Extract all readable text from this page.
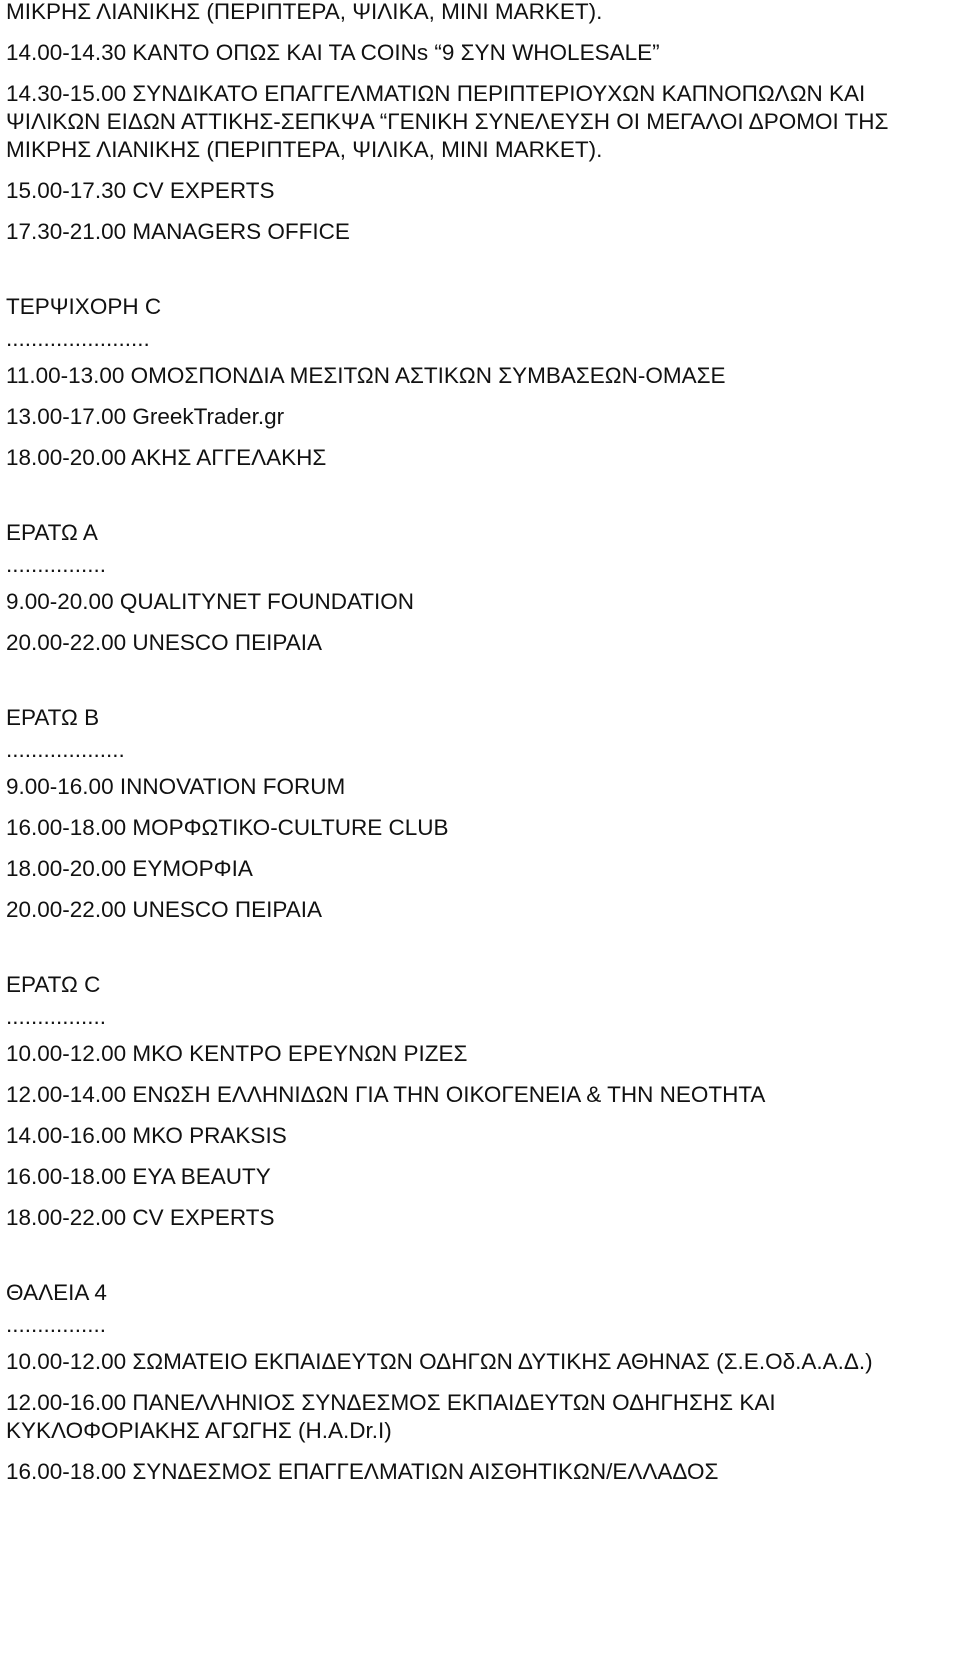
ΜΙΚΡΗΣ ΛΙΑΝΙΚΗΣ (ΠΕΡΙΠΤΕΡΑ, ΨΙΛΙΚΑ, MINI MARKET).

14.00-14.30 ΚΑΝΤΟ ΟΠΩΣ ΚΑΙ ΤΑ COINs “9 ΣΥΝ WHOLESALE”

14.30-15.00 ΣΥΝΔΙΚΑΤΟ ΕΠΑΓΓΕΛΜΑΤΙΩΝ ΠΕΡΙΠΤΕΡΙΟΥΧΩΝ ΚΑΠΝΟΠΩΛΩΝ ΚΑΙ ΨΙΛΙΚΩΝ ΕΙΔΩΝ ΑΤΤΙΚΗΣ-ΣΕΠΚΨΑ “ΓΕΝΙΚΗ ΣΥΝΕΛΕΥΣΗ ΟΙ ΜΕΓΑΛΟΙ ΔΡΟΜΟΙ ΤΗΣ ΜΙΚΡΗΣ ΛΙΑΝΙΚΗΣ (ΠΕΡΙΠΤΕΡΑ, ΨΙΛΙΚΑ, MINI MARKET).

15.00-17.30 CV EXPERTS

17.30-21.00 MANAGERS OFFICE

ΤΕΡΨΙΧΟΡΗ C

.......................

11.00-13.00 ΟΜΟΣΠΟΝΔΙΑ ΜΕΣΙΤΩΝ ΑΣΤΙΚΩΝ ΣΥΜΒΑΣΕΩΝ-ΟΜΑΣΕ

13.00-17.00 GreekTrader.gr

18.00-20.00 ΑΚΗΣ ΑΓΓΕΛΑΚΗΣ

ΕΡΑΤΩ Α

................

9.00-20.00 QUALITYNET FOUNDATION

20.00-22.00 UNESCO ΠΕΙΡΑΙΑ

ΕΡΑΤΩ Β

...................

9.00-16.00 INNOVATION FORUM

16.00-18.00 ΜΟΡΦΩΤΙΚΟ-CULTURE CLUB

18.00-20.00 ΕΥΜΟΡΦΙΑ

20.00-22.00 UNESCO ΠΕΙΡΑΙΑ

ΕΡΑΤΩ C

................

10.00-12.00 ΜΚΟ ΚΕΝΤΡΟ ΕΡΕΥΝΩΝ ΡΙΖΕΣ

12.00-14.00 ΕΝΩΣΗ ΕΛΛΗΝΙΔΩΝ ΓΙΑ ΤΗΝ ΟΙΚΟΓΕΝΕΙΑ & ΤΗΝ ΝΕΟΤΗΤΑ

14.00-16.00 ΜΚΟ PRAKSIS

16.00-18.00 EYA BEAUTY

18.00-22.00 CV EXPERTS

ΘΑΛΕΙΑ 4

................

10.00-12.00 ΣΩΜΑΤΕΙΟ ΕΚΠΑΙΔΕΥΤΩΝ ΟΔΗΓΩΝ ΔΥΤΙΚΗΣ ΑΘΗΝΑΣ (Σ.Ε.Οδ.Α.Α.Δ.)

12.00-16.00 ΠΑΝΕΛΛΗΝΙΟΣ ΣΥΝΔΕΣΜΟΣ ΕΚΠΑΙΔΕΥΤΩΝ ΟΔΗΓΗΣΗΣ ΚΑΙ ΚΥΚΛΟΦΟΡΙΑΚΗΣ ΑΓΩΓΗΣ (Η.Α.Dr.I)

16.00-18.00 ΣΥΝΔΕΣΜΟΣ ΕΠΑΓΓΕΛΜΑΤΙΩΝ ΑΙΣΘΗΤΙΚΩΝ/ΕΛΛΑΔΟΣ
